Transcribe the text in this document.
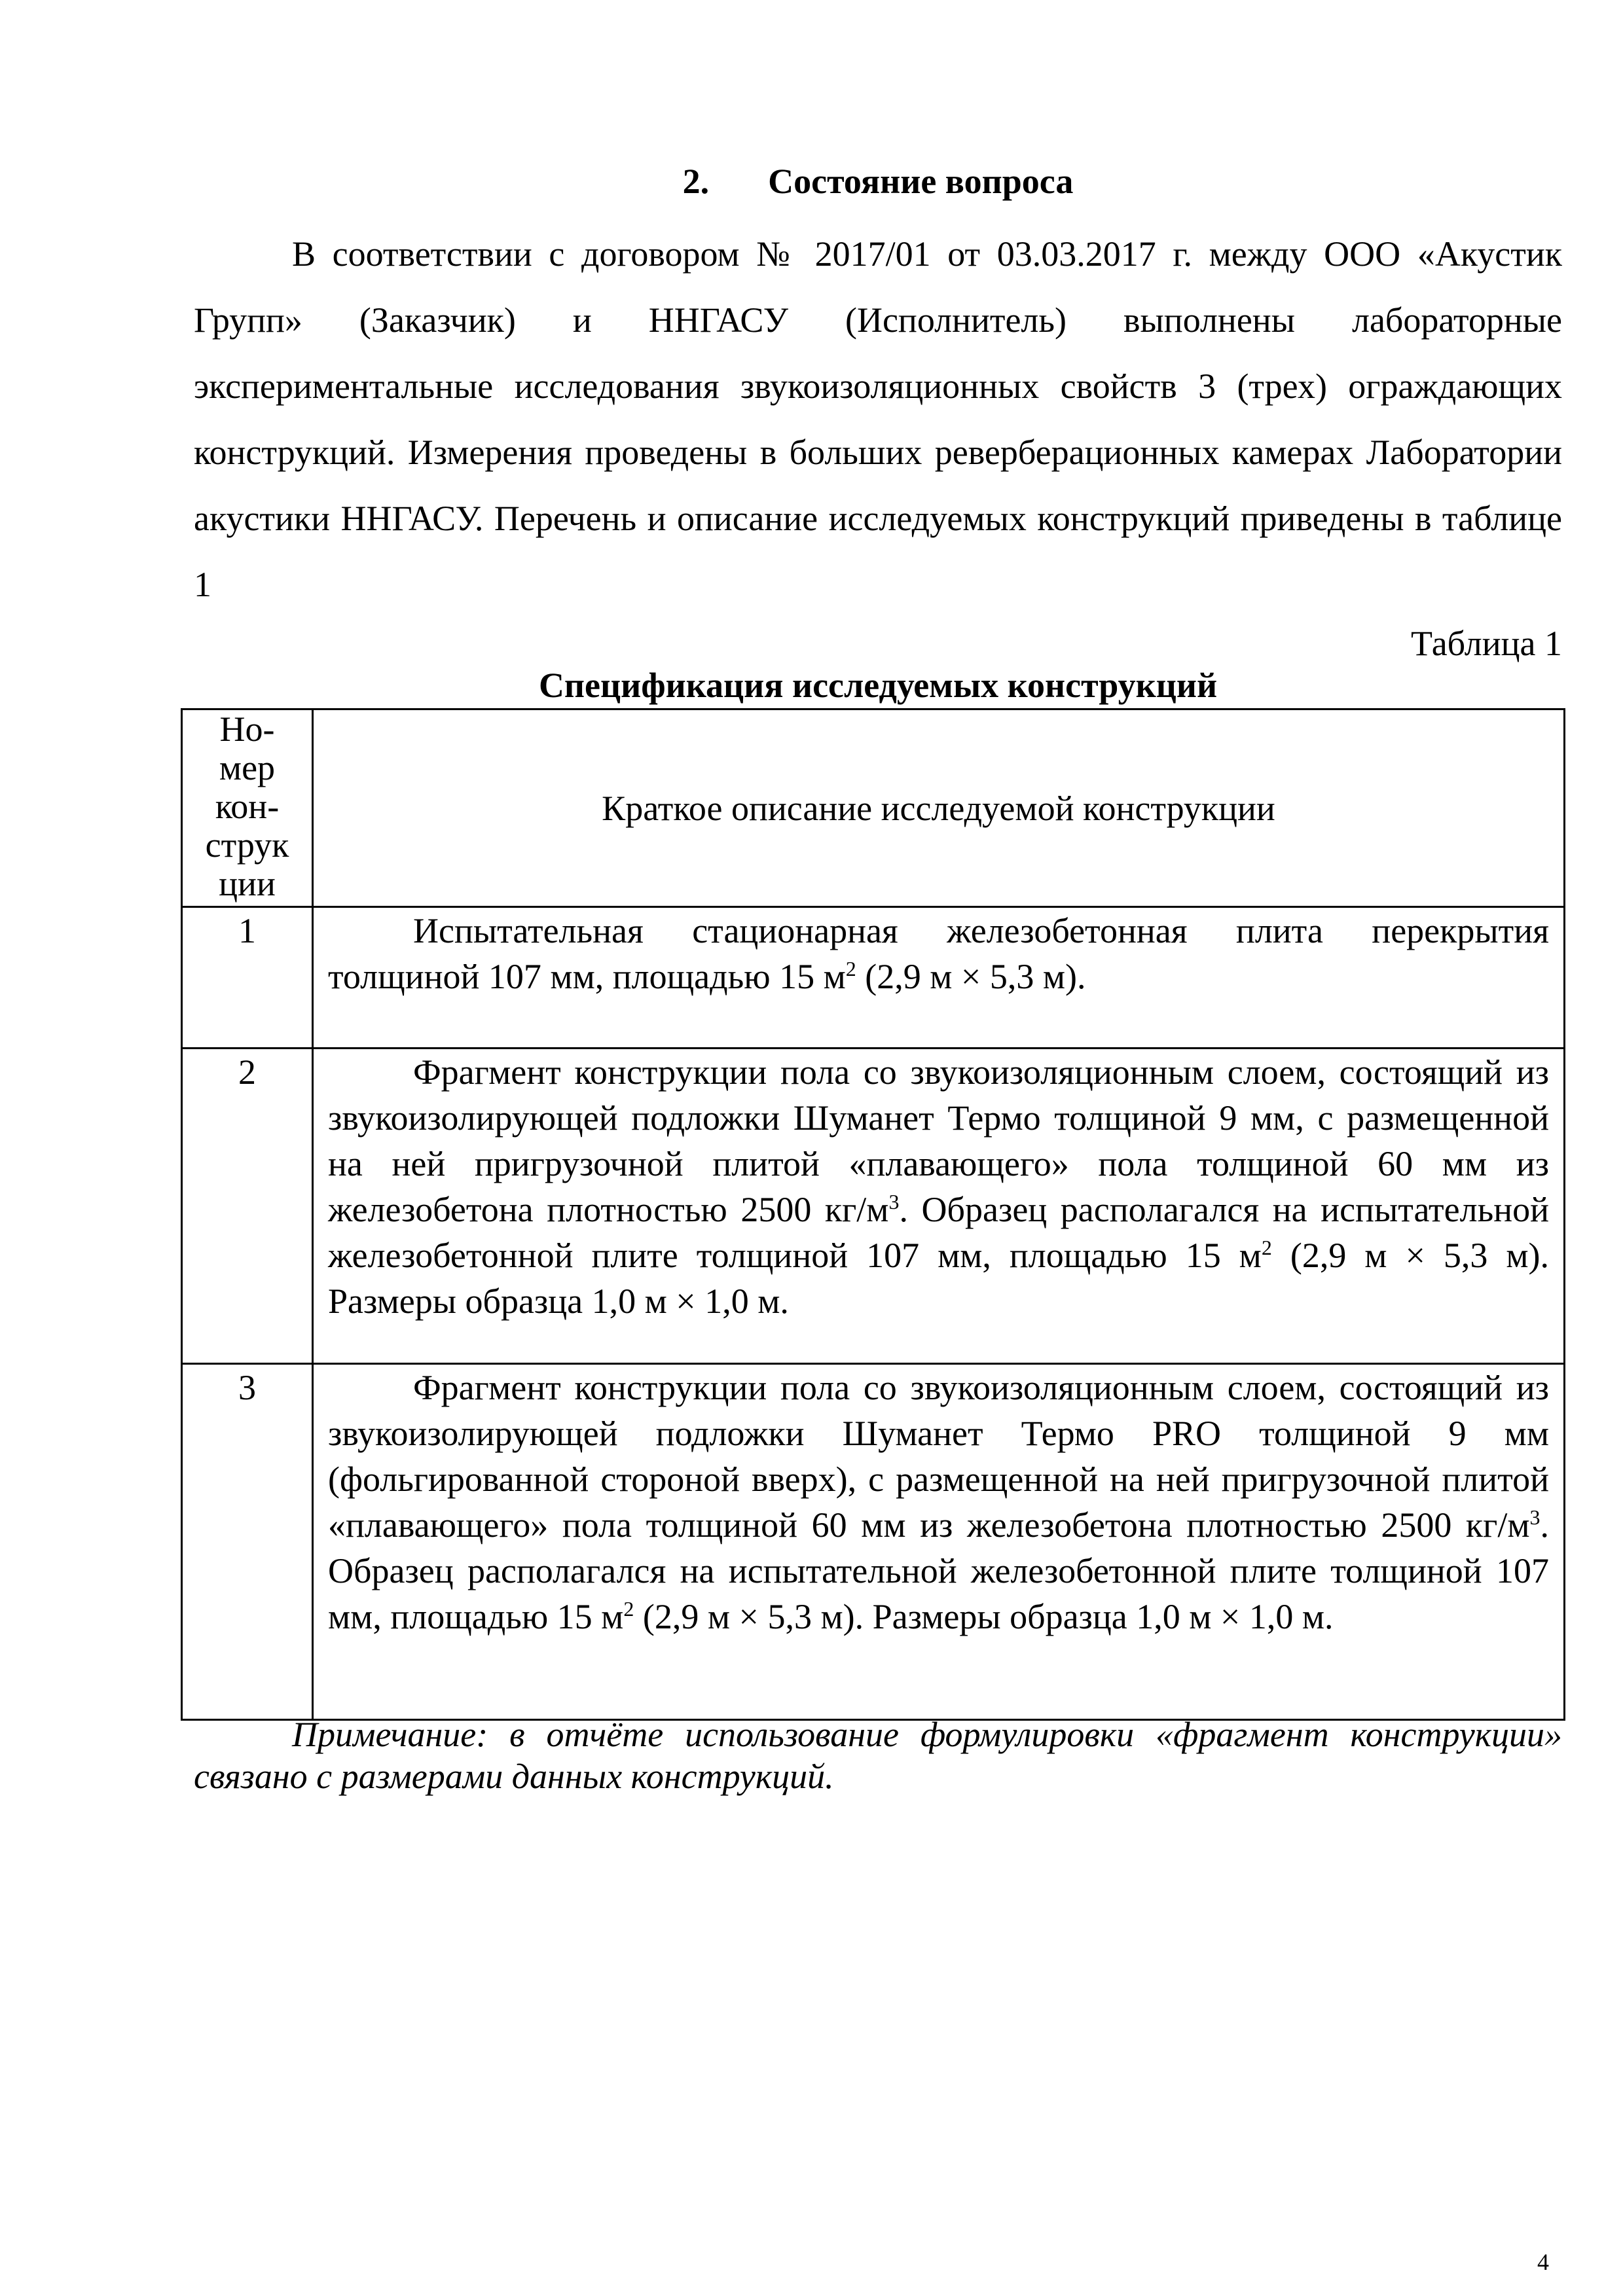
2. Состояние вопроса

В соответствии с договором № 2017/01 от 03.03.2017 г. между ООО «Акустик Групп» (Заказчик) и ННГАСУ (Исполнитель) выполнены лабораторные экспериментальные исследования звукоизоляционных свойств 3 (трех) ограждающих конструкций. Измерения проведены в больших реверберационных камерах Лаборатории акустики ННГАСУ. Перечень и описание исследуемых конструкций приведены в таблице 1

Таблица 1
Спецификация исследуемых конструкций
Но-
мер
кон-
струк
ции	Краткое описание исследуемой конструкции
1	Испытательная стационарная железобетонная плита перекрытия толщиной 107 мм, площадью 15 $м^2$ (2,9 м × 5,3 м).
2	Фрагмент конструкции пола со звукоизоляционным слоем, состоящий из звукоизолирующей подложки Шуманет Термо толщиной 9 мм, с размещенной на ней пригрузочной плитой «плавающего» пола толщиной 60 мм из железобетона плотностью 2500 $кг/м^3$. Образец располагался на испытательной железобетонной плите толщиной 107 мм, площадью 15 $м^2$ (2,9 м × 5,3 м). Размеры образца 1,0 м × 1,0 м.
3	Фрагмент конструкции пола со звукоизоляционным слоем, состоящий из звукоизолирующей подложки Шуманет Термо PRO толщиной 9 мм (фольгированной стороной вверх), с размещенной на ней пригрузочной плитой «плавающего» пола толщиной 60 мм из железобетона плотностью 2500 $кг/м^3$. Образец располагался на испытательной железобетонной плите толщиной 107 мм, площадью 15 $м^2$ (2,9 м × 5,3 м). Размеры образца 1,0 м × 1,0 м.

Примечание: в отчёте использование формулировки «фрагмент конструкции» связано с размерами данных конструкций.

4
